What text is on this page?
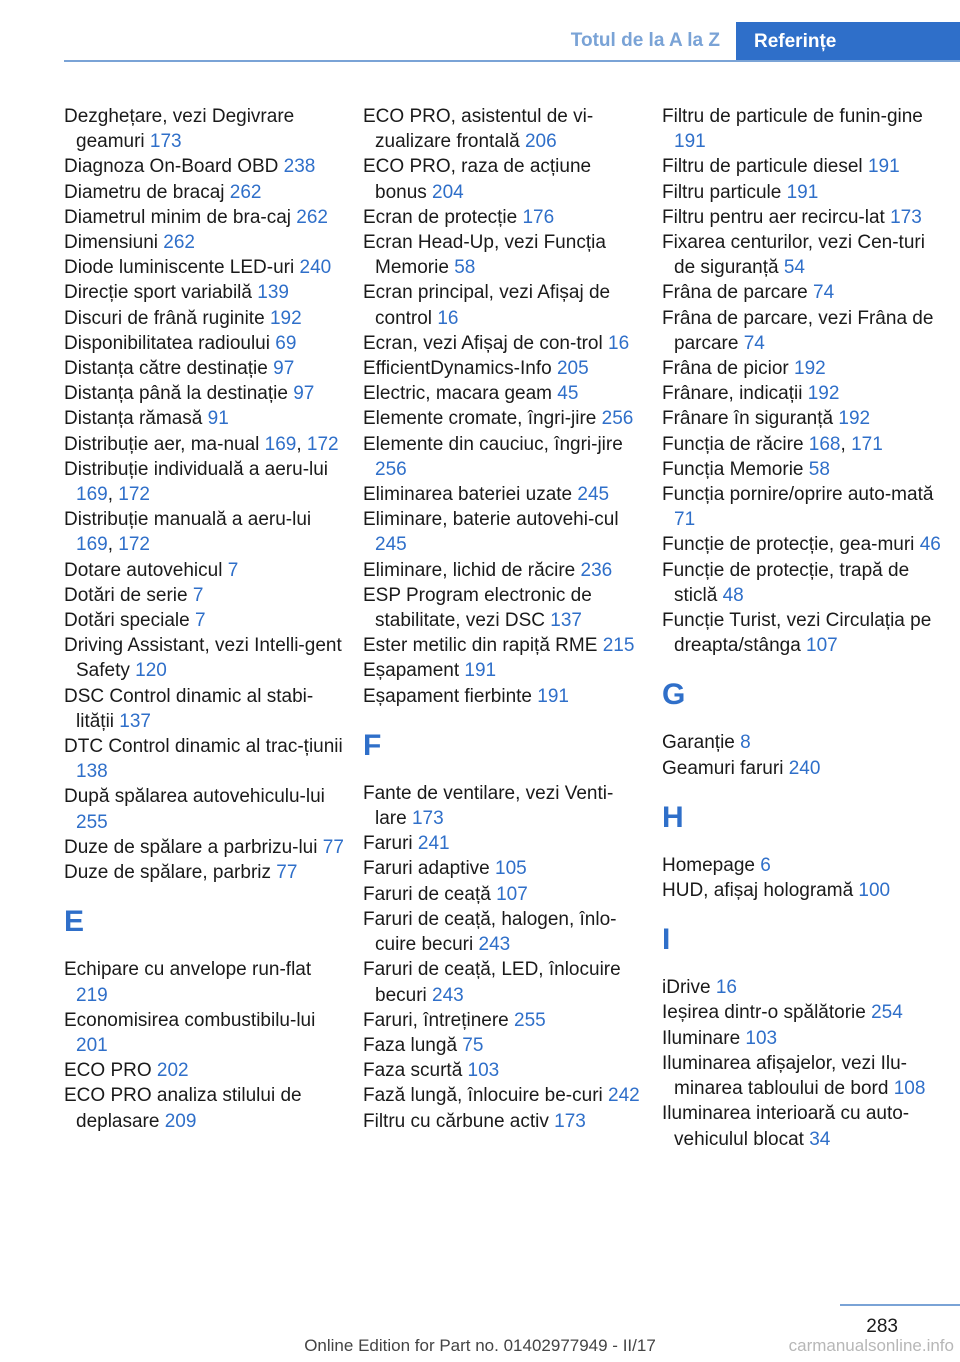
Totul de la A la Z Referințe

Dezghețare, vezi Degivrare geamuri 173

Diagnoza On-Board OBD 238

Diametru de bracaj 262

Diametrul minim de bra-caj 262

Dimensiuni 262

Diode luminiscente LED-uri 240

Direcție sport variabilă 139

Discuri de frână ruginite 192

Disponibilitatea radioului 69

Distanța către destinație 97

Distanța până la destinație 97

Distanța rămasă 91

Distribuție aer, ma-nual 169, 172

Distribuție individuală a aeru-lui 169, 172

Distribuție manuală a aeru-lui 169, 172

Dotare autovehicul 7

Dotări de serie 7

Dotări speciale 7

Driving Assistant, vezi Intelli-gent Safety 120

DSC Control dinamic al stabi-lității 137

DTC Control dinamic al trac-țiunii 138

După spălarea autovehiculu-lui 255

Duze de spălare a parbrizu-lui 77

Duze de spălare, parbriz 77

E

Echipare cu anvelope run-flat 219

Economisirea combustibilu-lui 201

ECO PRO 202

ECO PRO analiza stilului de deplasare 209

ECO PRO, asistentul de vi-zualizare frontală 206

ECO PRO, raza de acțiune bonus 204

Ecran de protecție 176

Ecran Head-Up, vezi Funcția Memorie 58

Ecran principal, vezi Afișaj de control 16

Ecran, vezi Afișaj de con-trol 16

EfficientDynamics-Info 205

Electric, macara geam 45

Elemente cromate, îngri-jire 256

Elemente din cauciuc, îngri-jire 256

Eliminarea bateriei uzate 245

Eliminare, baterie autovehi-cul 245

Eliminare, lichid de răcire 236

ESP Program electronic de stabilitate, vezi DSC 137

Ester metilic din rapiță RME 215

Eșapament 191

Eșapament fierbinte 191

F

Fante de ventilare, vezi Venti-lare 173

Faruri 241

Faruri adaptive 105

Faruri de ceață 107

Faruri de ceață, halogen, înlo-cuire becuri 243

Faruri de ceață, LED, înlocuire becuri 243

Faruri, întreținere 255

Faza lungă 75

Faza scurtă 103

Fază lungă, înlocuire be-curi 242

Filtru cu cărbune activ 173

Filtru de particule de funin-gine 191

Filtru de particule diesel 191

Filtru particule 191

Filtru pentru aer recircu-lat 173

Fixarea centurilor, vezi Cen-turi de siguranță 54

Frâna de parcare 74

Frâna de parcare, vezi Frâna de parcare 74

Frâna de picior 192

Frânare, indicații 192

Frânare în siguranță 192

Funcția de răcire 168, 171

Funcția Memorie 58

Funcția pornire/oprire auto-mată 71

Funcție de protecție, gea-muri 46

Funcție de protecție, trapă de sticlă 48

Funcție Turist, vezi Circulația pe dreapta/stânga 107

G

Garanție 8

Geamuri faruri 240

H

Homepage 6

HUD, afișaj hologramă 100

I

iDrive 16

Ieșirea dintr-o spălătorie 254

Iluminare 103

Iluminarea afișajelor, vezi Ilu-minarea tabloului de bord 108

Iluminarea interioară cu auto-vehiculul blocat 34

283
Online Edition for Part no. 01402977949 - II/17	carmanualsonline.info
